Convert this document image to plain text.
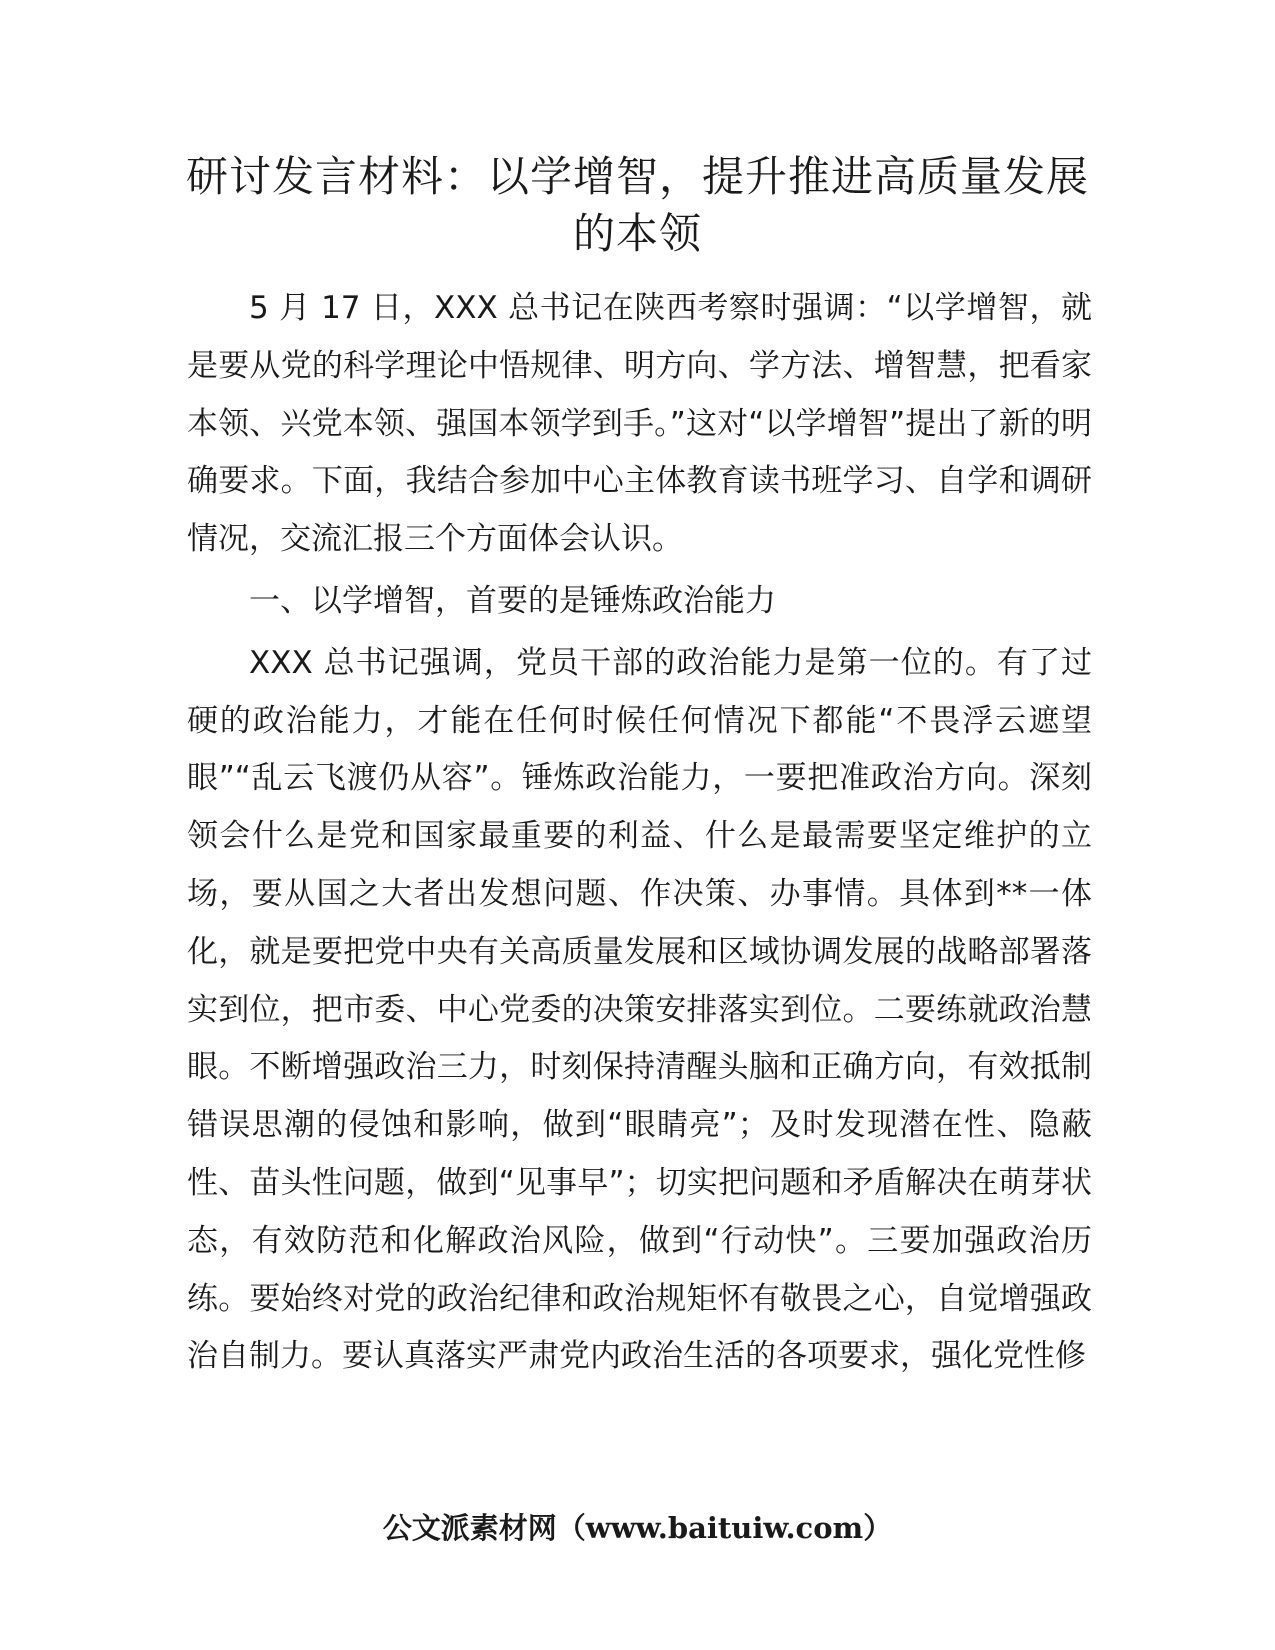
研讨发言材料：以学增智，提升推进高质量发展的本领

5 月 17 日，XXX 总书记在陕西考察时强调：“以学增智，就是要从党的科学理论中悟规律、明方向、学方法、增智慧，把看家本领、兴党本领、强国本领学到手。”这对“以学增智”提出了新的明确要求。下面，我结合参加中心主体教育读书班学习、自学和调研情况，交流汇报三个方面体会认识。

一、以学增智，首要的是锤炼政治能力

XXX 总书记强调，党员干部的政治能力是第一位的。有了过硬的政治能力，才能在任何时候任何情况下都能“不畏浮云遮望眼”“乱云飞渡仍从容”。锤炼政治能力，一要把准政治方向。深刻领会什么是党和国家最重要的利益、什么是最需要坚定维护的立场，要从国之大者出发想问题、作决策、办事情。具体到**一体化，就是要把党中央有关高质量发展和区域协调发展的战略部署落实到位，把市委、中心党委的决策安排落实到位。二要练就政治慧眼。不断增强政治三力，时刻保持清醒头脑和正确方向，有效抵制错误思潮的侵蚀和影响，做到“眼睛亮”；及时发现潜在性、隐蔽性、苗头性问题，做到“见事早”；切实把问题和矛盾解决在萌芽状态，有效防范和化解政治风险，做到“行动快”。三要加强政治历练。要始终对党的政治纪律和政治规矩怀有敬畏之心，自觉增强政治自制力。要认真落实严肃党内政治生活的各项要求，强化党性修

公文派素材网（www.baituiw.com）
